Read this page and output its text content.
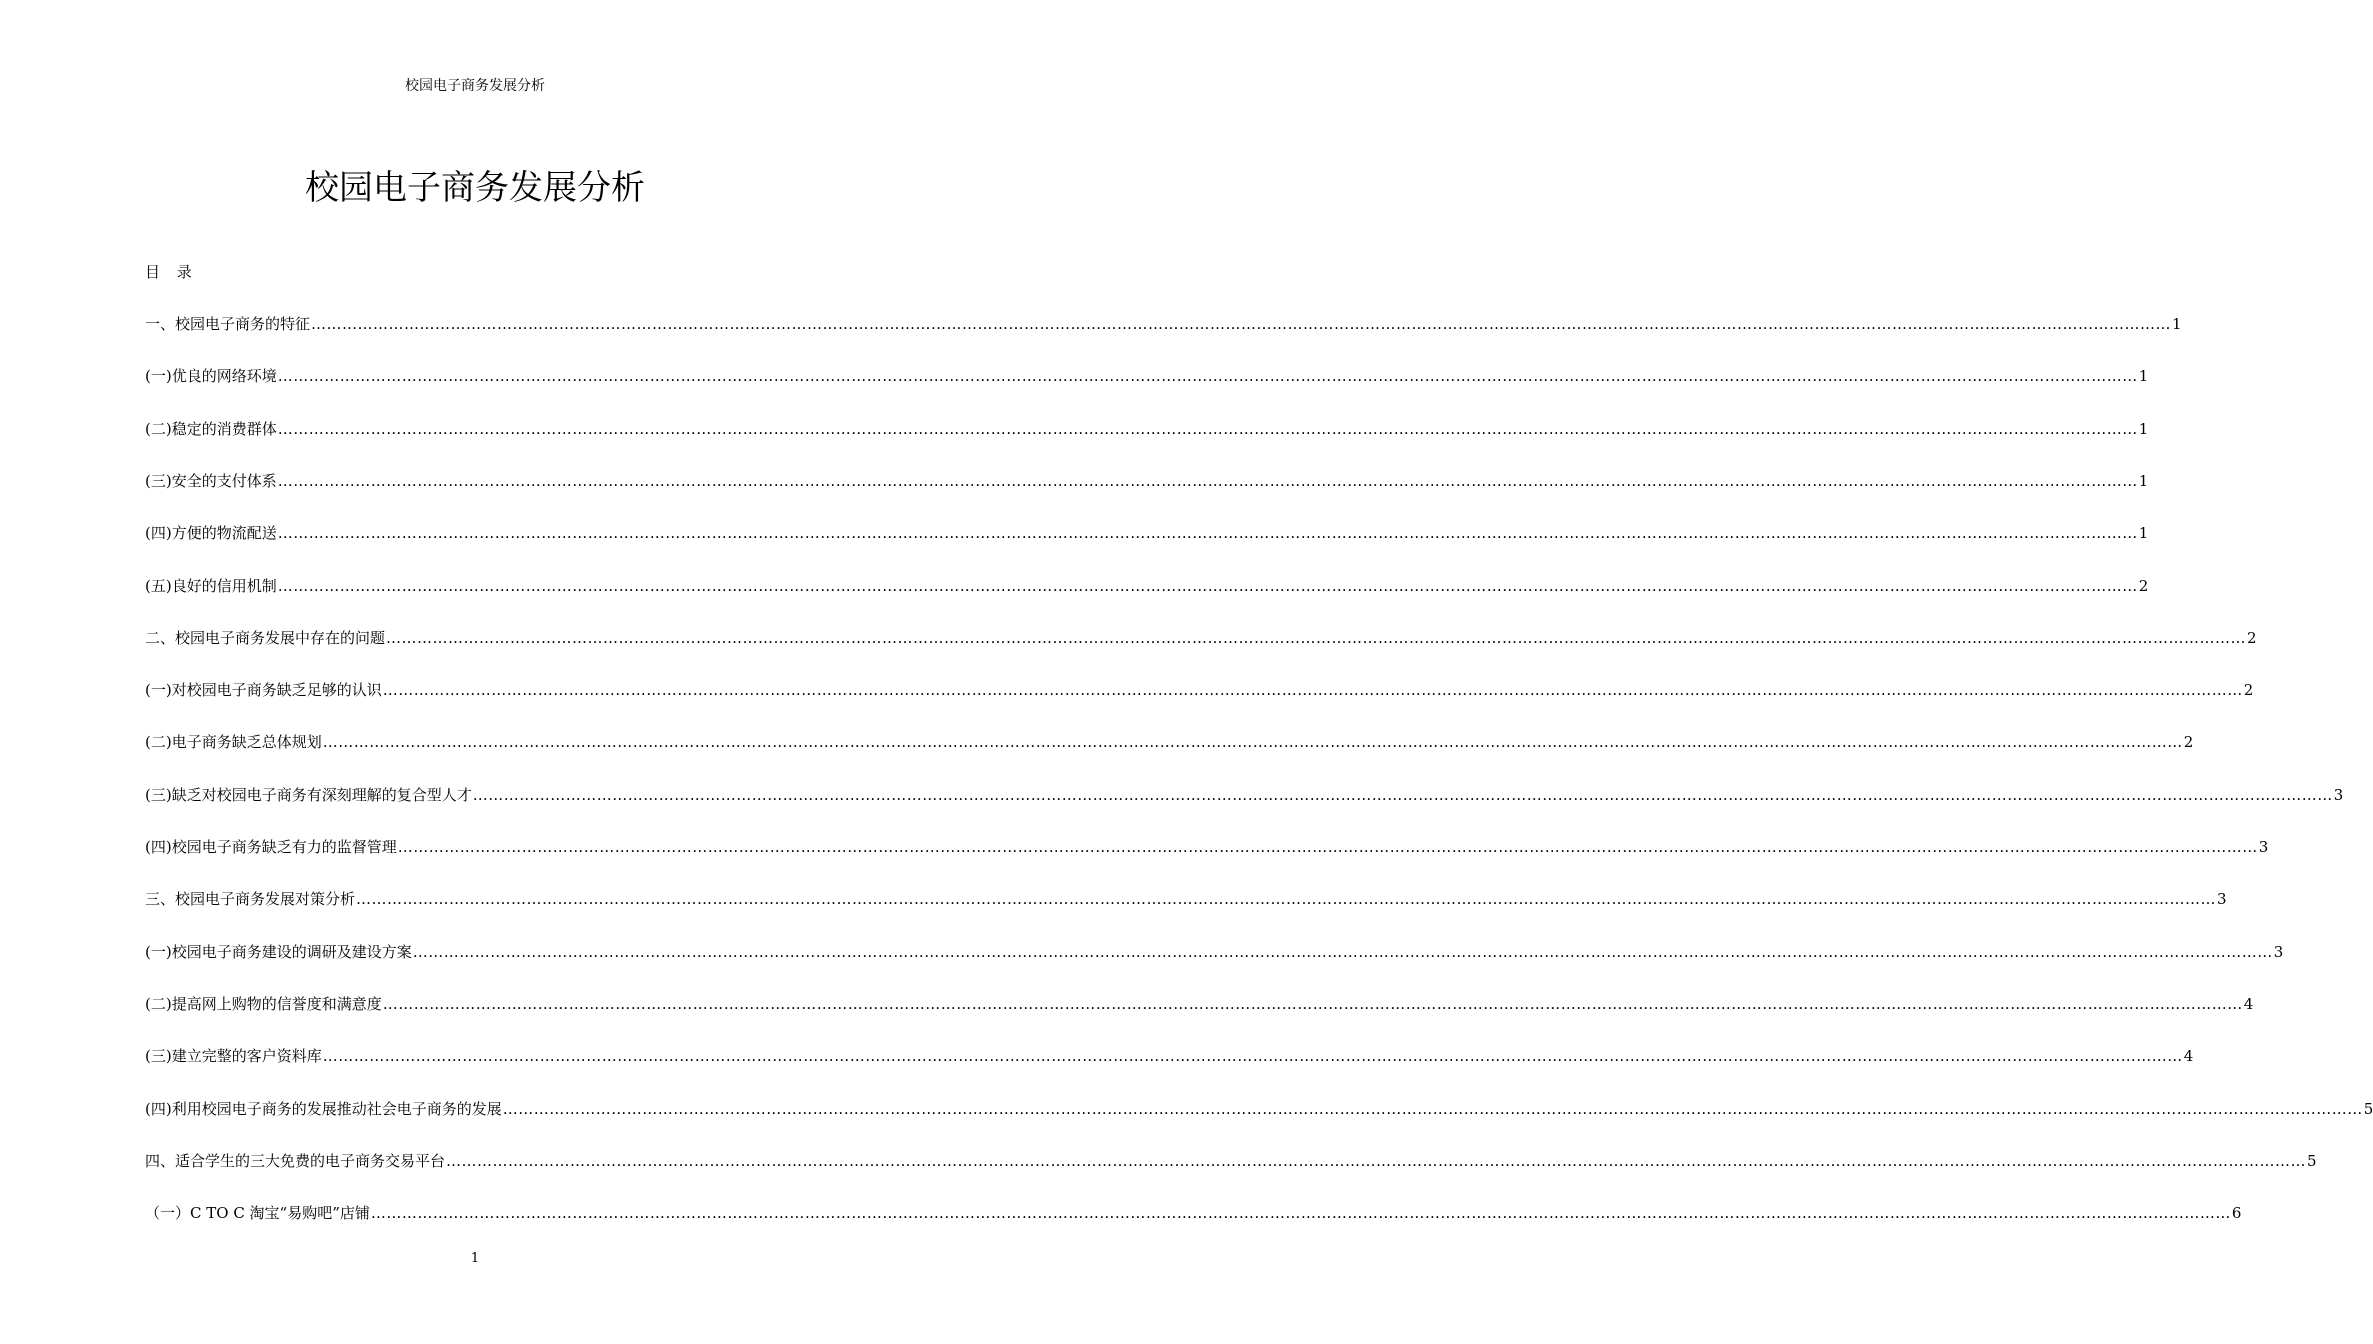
校园电子商务发展分析
校园电子商务发展分析
目 录
一、校园电子商务的特征 ……………………………………………………………………………………………………………………………………………………………………………………………………………………………………………………………………………………………………………………………… 1
(一)优良的网络环境 ……………………………………………………………………………………………………………………………………………………………………………………………………………………………………………………………………………………………………………………………… 1
(二)稳定的消费群体 ……………………………………………………………………………………………………………………………………………………………………………………………………………………………………………………………………………………………………………………………… 1
(三)安全的支付体系 ……………………………………………………………………………………………………………………………………………………………………………………………………………………………………………………………………………………………………………………………… 1
(四)方便的物流配送 ……………………………………………………………………………………………………………………………………………………………………………………………………………………………………………………………………………………………………………………………… 1
(五)良好的信用机制 ……………………………………………………………………………………………………………………………………………………………………………………………………………………………………………………………………………………………………………………………… 2
二、校园电子商务发展中存在的问题 ……………………………………………………………………………………………………………………………………………………………………………………………………………………………………………………………………………………………………………………………… 2
(一)对校园电子商务缺乏足够的认识 ……………………………………………………………………………………………………………………………………………………………………………………………………………………………………………………………………………………………………………………………… 2
(二)电子商务缺乏总体规划 ……………………………………………………………………………………………………………………………………………………………………………………………………………………………………………………………………………………………………………………………… 2
(三)缺乏对校园电子商务有深刻理解的复合型人才 ……………………………………………………………………………………………………………………………………………………………………………………………………………………………………………………………………………………………………………………………… 3
(四)校园电子商务缺乏有力的监督管理 ……………………………………………………………………………………………………………………………………………………………………………………………………………………………………………………………………………………………………………………………… 3
三、校园电子商务发展对策分析 ……………………………………………………………………………………………………………………………………………………………………………………………………………………………………………………………………………………………………………………………… 3
(一)校园电子商务建设的调研及建设方案 ……………………………………………………………………………………………………………………………………………………………………………………………………………………………………………………………………………………………………………………………… 3
(二)提高网上购物的信誉度和满意度 ……………………………………………………………………………………………………………………………………………………………………………………………………………………………………………………………………………………………………………………………… 4
(三)建立完整的客户资料库 ……………………………………………………………………………………………………………………………………………………………………………………………………………………………………………………………………………………………………………………………… 4
(四)利用校园电子商务的发展推动社会电子商务的发展 ……………………………………………………………………………………………………………………………………………………………………………………………………………………………………………………………………………………………………………………………… 5
四、适合学生的三大免费的电子商务交易平台 ……………………………………………………………………………………………………………………………………………………………………………………………………………………………………………………………………………………………………………………………… 5
（一）C TO C 淘宝“易购吧”店铺 ……………………………………………………………………………………………………………………………………………………………………………………………………………………………………………………………………………………………………………………………… 6
1
